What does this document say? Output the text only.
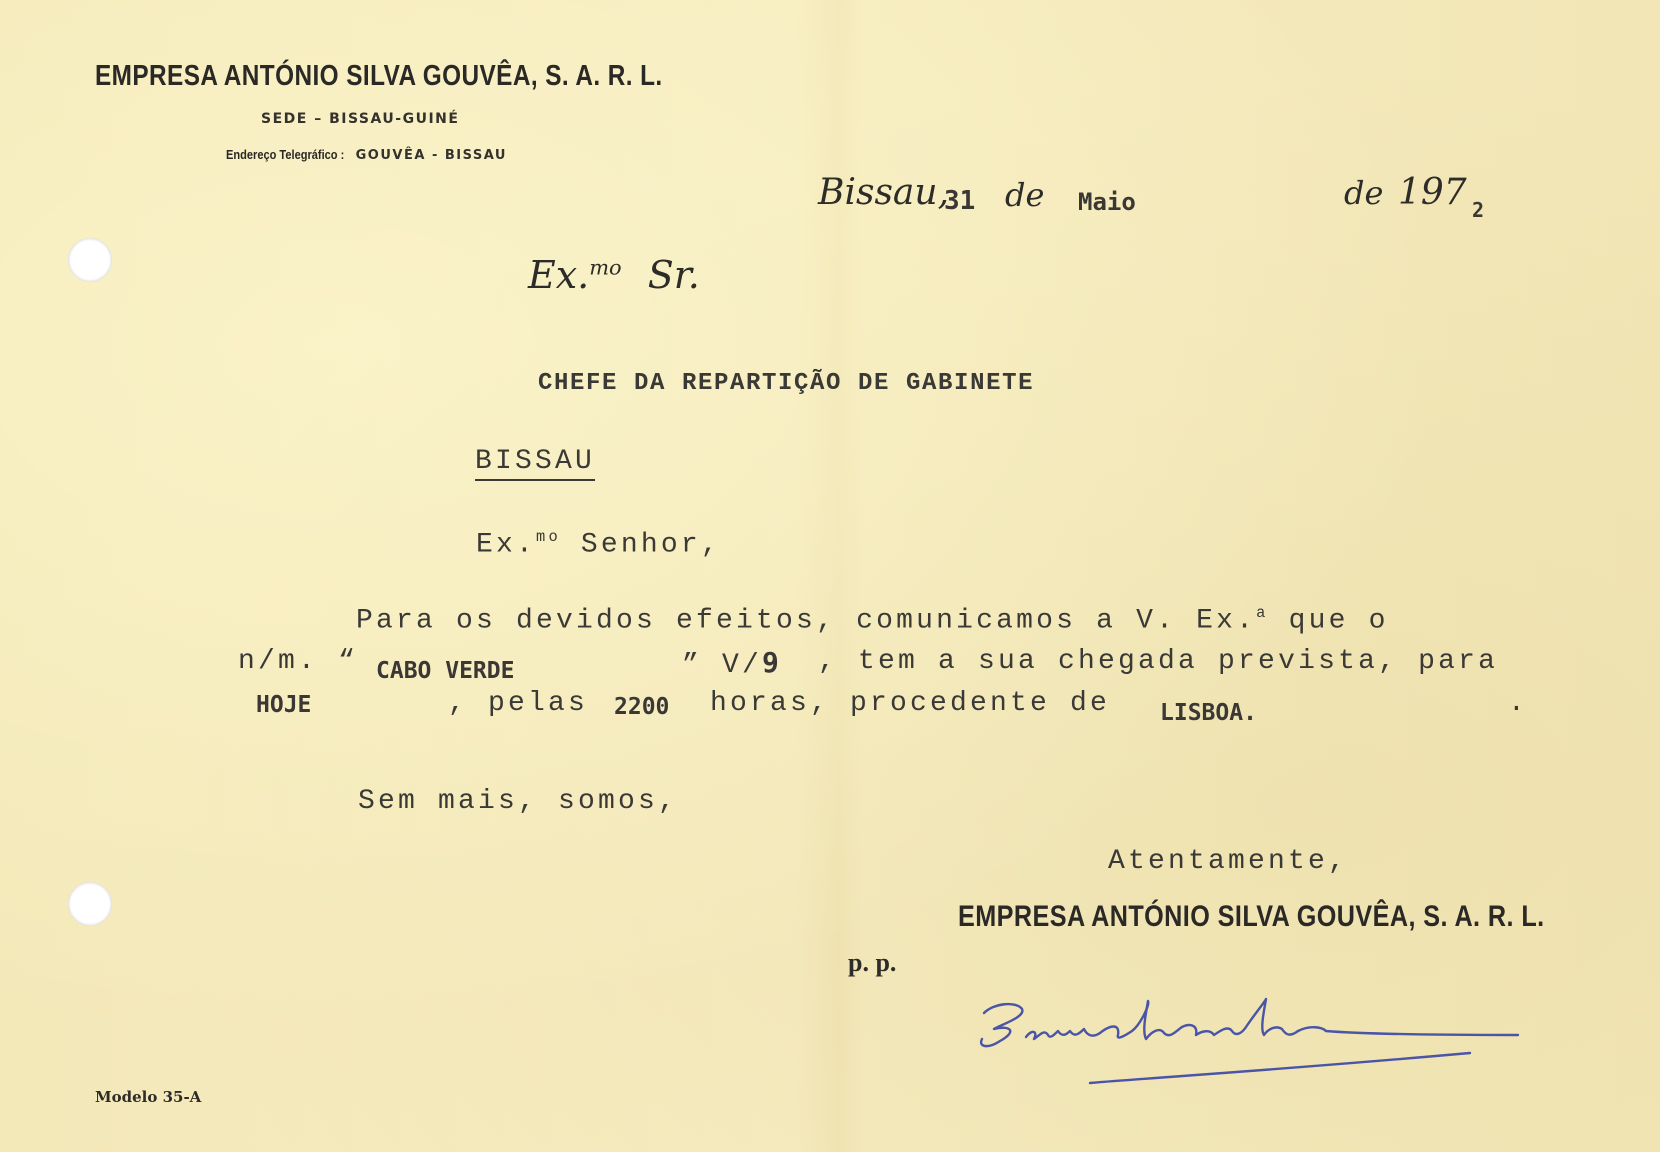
EMPRESA ANTÓNIO SILVA GOUVÊA, S. A. R. L.
SEDE – BISSAU-GUINÉ
Endereço Telegráfico : GOUVÊA - BISSAU
Bissau,
31 de Maio	de 197 2
Ex.$^{mo}$ Sr.
CHEFE DA REPARTIÇÃO DE GABINETE
BISSAU
Ex.$^{mo}$ Senhor,
Para os devidos efeitos, comunicamos a V. Ex.$^a$ que o
n/m. “ CABO VERDE	” V/9 , tem a sua chegada prevista, para
HOJE	, pelas 2200 horas, procedente de LISBOA.	.
Sem mais, somos,
Atentamente,
EMPRESA ANTÓNIO SILVA GOUVÊA, S. A. R. L.
p. p.
Modelo 35-A
